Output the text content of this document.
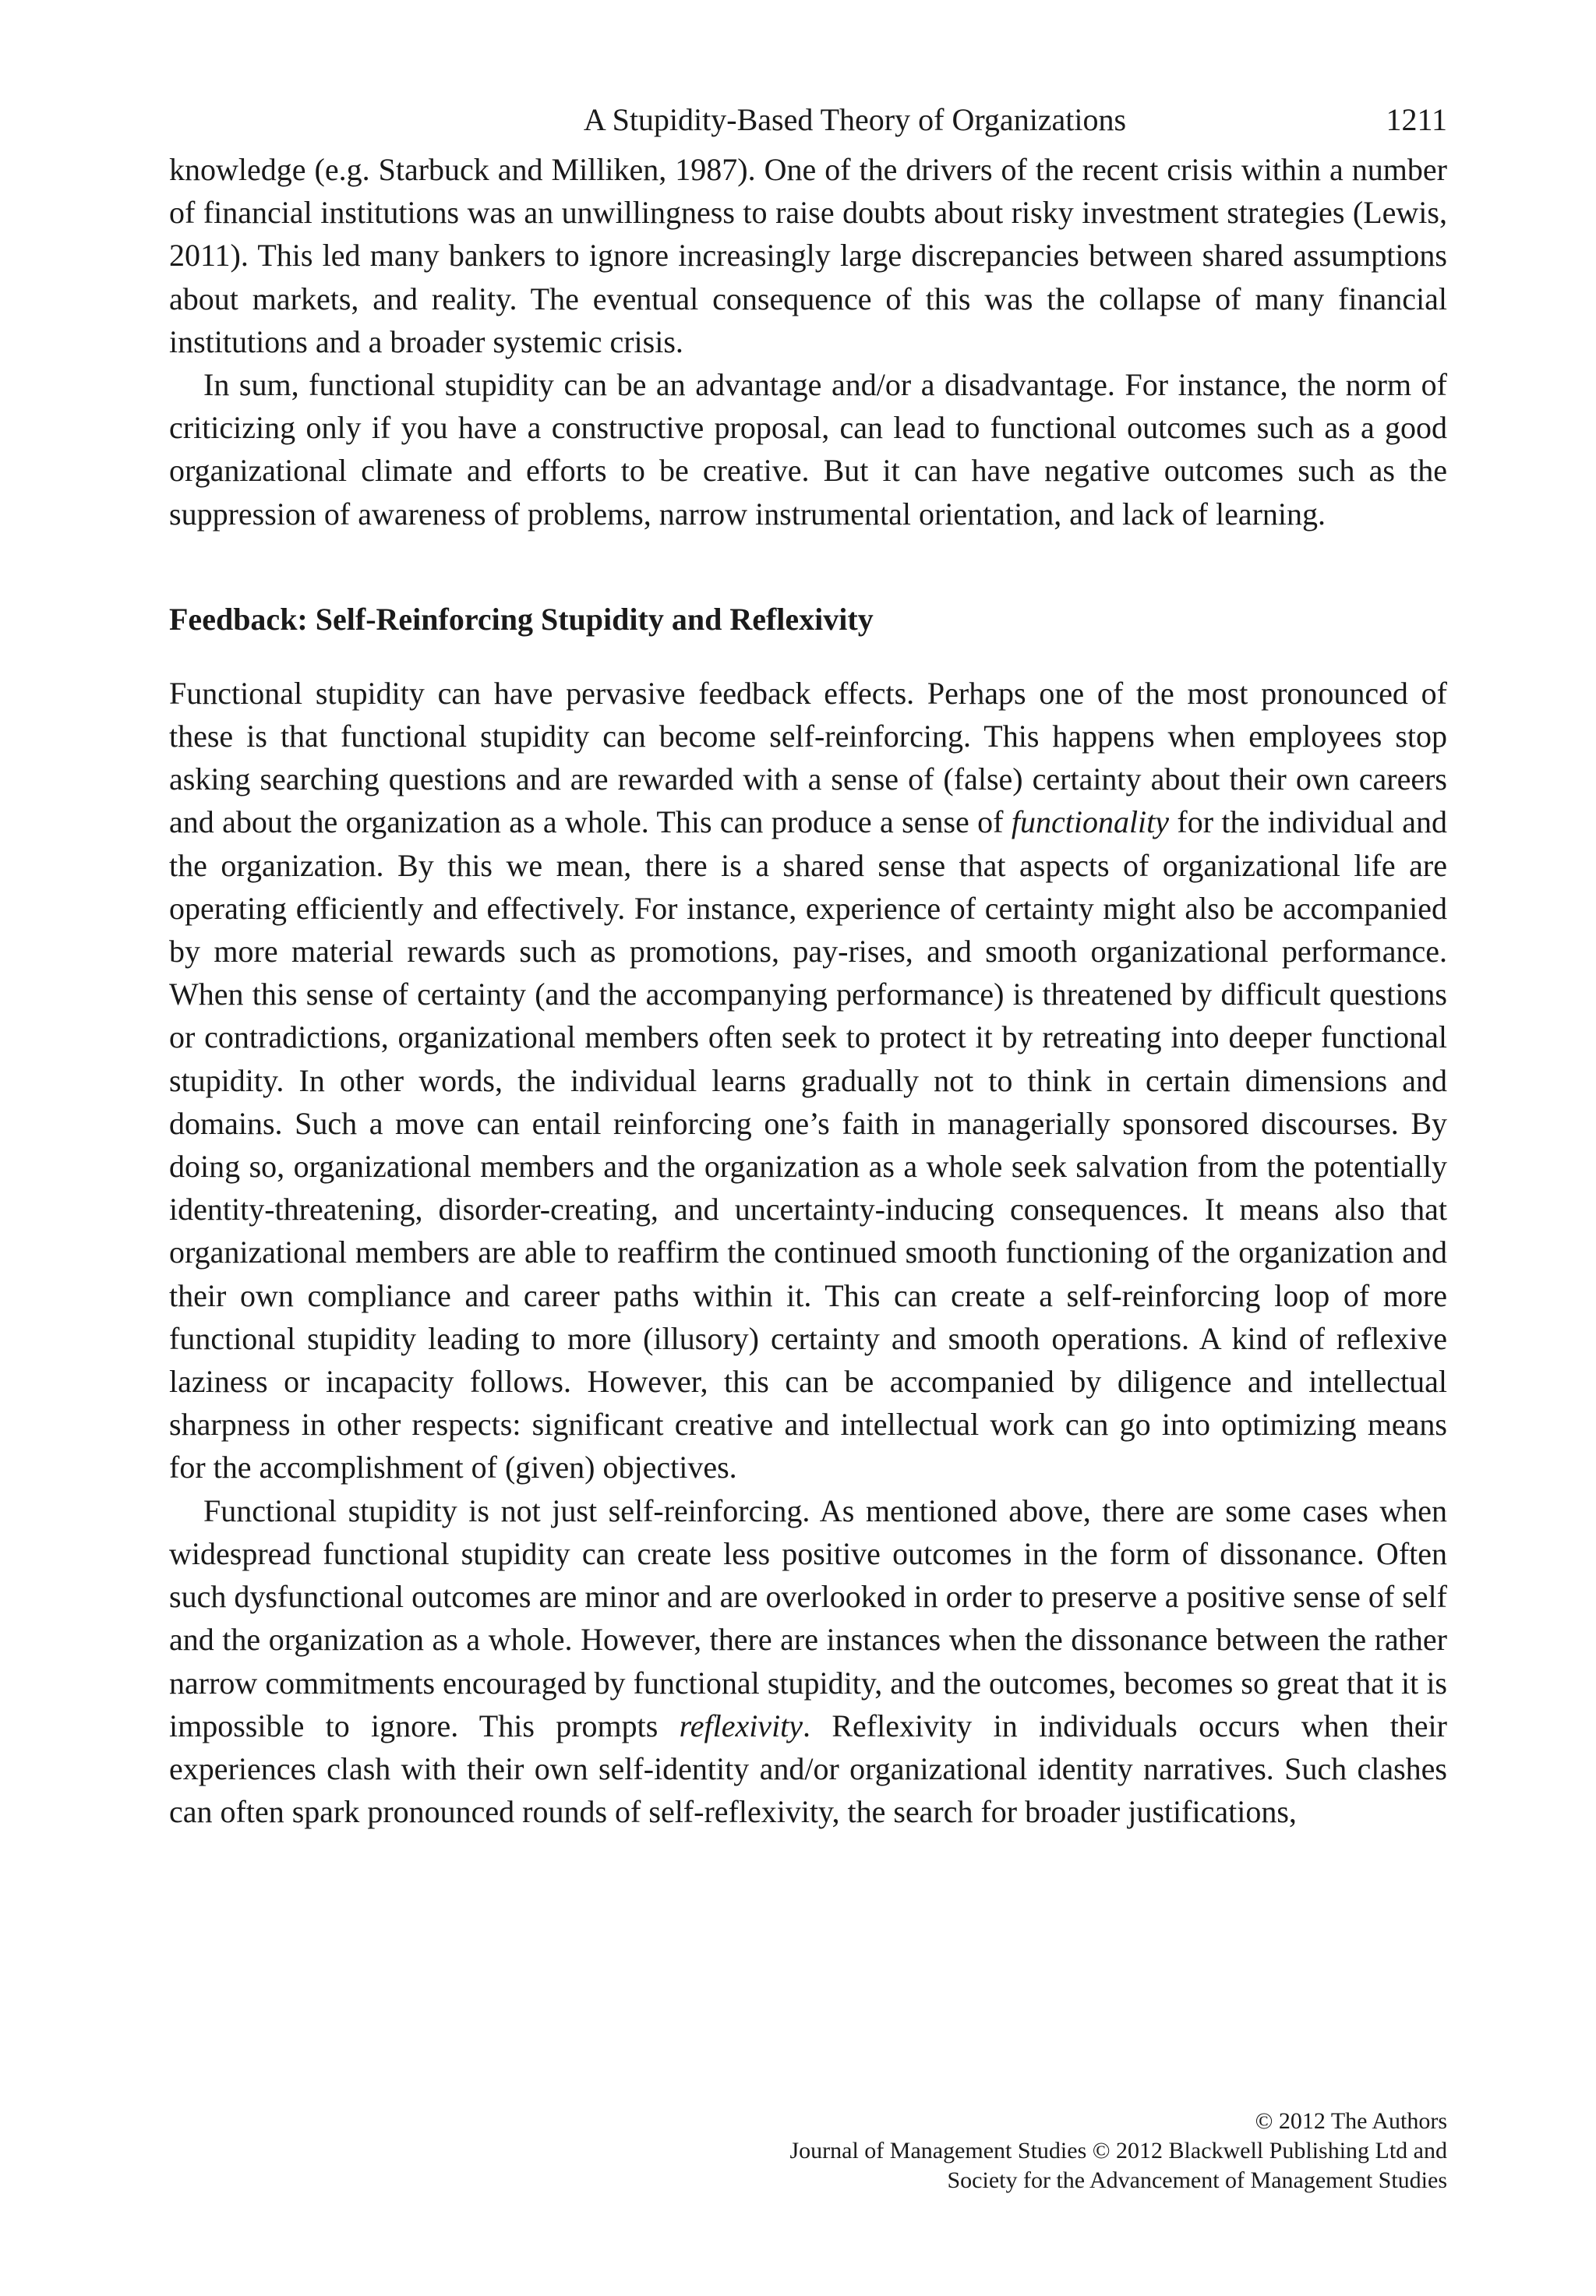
A Stupidity-Based Theory of Organizations	1211

knowledge (e.g. Starbuck and Milliken, 1987). One of the drivers of the recent crisis within a number of financial institutions was an unwillingness to raise doubts about risky investment strategies (Lewis, 2011). This led many bankers to ignore increasingly large discrepancies between shared assumptions about markets, and reality. The eventual consequence of this was the collapse of many financial institutions and a broader systemic crisis.

In sum, functional stupidity can be an advantage and/or a disadvantage. For instance, the norm of criticizing only if you have a constructive proposal, can lead to functional outcomes such as a good organizational climate and efforts to be creative. But it can have negative outcomes such as the suppression of awareness of problems, narrow instrumental orientation, and lack of learning.

Feedback: Self-Reinforcing Stupidity and Reflexivity

Functional stupidity can have pervasive feedback effects. Perhaps one of the most pronounced of these is that functional stupidity can become self-reinforcing. This happens when employees stop asking searching questions and are rewarded with a sense of (false) certainty about their own careers and about the organization as a whole. This can produce a sense of functionality for the individual and the organization. By this we mean, there is a shared sense that aspects of organizational life are operating efficiently and effectively. For instance, experience of certainty might also be accompanied by more material rewards such as promotions, pay-rises, and smooth organizational performance. When this sense of certainty (and the accompanying performance) is threatened by difficult questions or contradictions, organizational members often seek to protect it by retreating into deeper functional stupidity. In other words, the individual learns gradually not to think in certain dimensions and domains. Such a move can entail reinforcing one’s faith in managerially sponsored discourses. By doing so, organizational members and the organization as a whole seek salvation from the potentially identity-threatening, disorder-creating, and uncertainty-inducing consequences. It means also that organizational members are able to reaffirm the continued smooth functioning of the organization and their own compliance and career paths within it. This can create a self-reinforcing loop of more functional stupidity leading to more (illusory) certainty and smooth operations. A kind of reflexive laziness or incapacity follows. However, this can be accompanied by diligence and intellectual sharpness in other respects: significant creative and intellectual work can go into optimizing means for the accomplishment of (given) objectives.

Functional stupidity is not just self-reinforcing. As mentioned above, there are some cases when widespread functional stupidity can create less positive outcomes in the form of dissonance. Often such dysfunctional outcomes are minor and are overlooked in order to preserve a positive sense of self and the organization as a whole. However, there are instances when the dissonance between the rather narrow commitments encouraged by functional stupidity, and the outcomes, becomes so great that it is impossible to ignore. This prompts reflexivity. Reflexivity in individuals occurs when their experiences clash with their own self-identity and/or organizational identity narratives. Such clashes can often spark pronounced rounds of self-reflexivity, the search for broader justifications,

© 2012 The Authors
Journal of Management Studies © 2012 Blackwell Publishing Ltd and
Society for the Advancement of Management Studies
